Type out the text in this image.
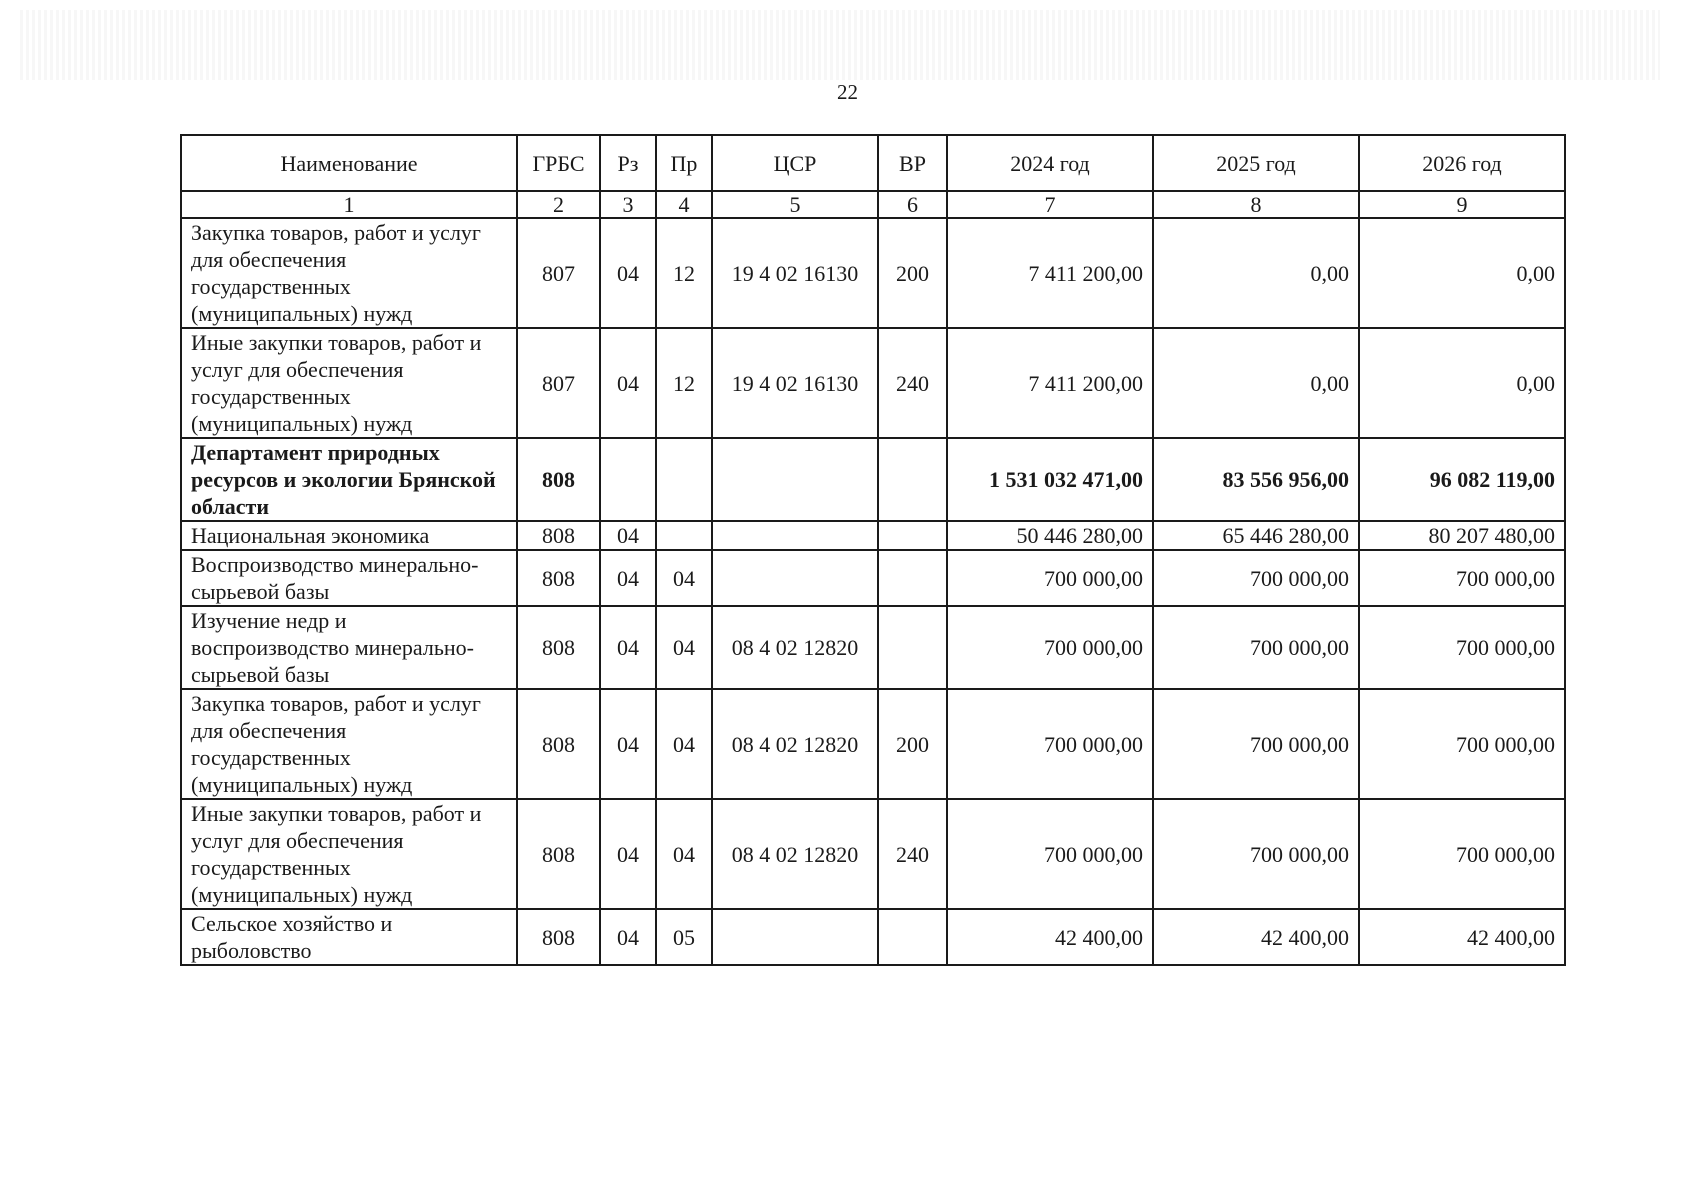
22
Наименование	ГРБС	Рз	Пр	ЦСР	ВР	2024 год	2025 год	2026 год
1	2	3	4	5	6	7	8	9
Закупка товаров, работ и услуг для обеспечения государственных (муниципальных) нужд	807	04	12	19 4 02 16130	200	7 411 200,00	0,00	0,00
Иные закупки товаров, работ и услуг для обеспечения государственных (муниципальных) нужд	807	04	12	19 4 02 16130	240	7 411 200,00	0,00	0,00
Департамент природных ресурсов и экологии Брянской области	808					1 531 032 471,00	83 556 956,00	96 082 119,00
Национальная экономика	808	04				50 446 280,00	65 446 280,00	80 207 480,00
Воспроизводство минерально-сырьевой базы	808	04	04			700 000,00	700 000,00	700 000,00
Изучение недр и воспроизводство минерально-сырьевой базы	808	04	04	08 4 02 12820		700 000,00	700 000,00	700 000,00
Закупка товаров, работ и услуг для обеспечения государственных (муниципальных) нужд	808	04	04	08 4 02 12820	200	700 000,00	700 000,00	700 000,00
Иные закупки товаров, работ и услуг для обеспечения государственных (муниципальных) нужд	808	04	04	08 4 02 12820	240	700 000,00	700 000,00	700 000,00
Сельское хозяйство и рыболовство	808	04	05			42 400,00	42 400,00	42 400,00
